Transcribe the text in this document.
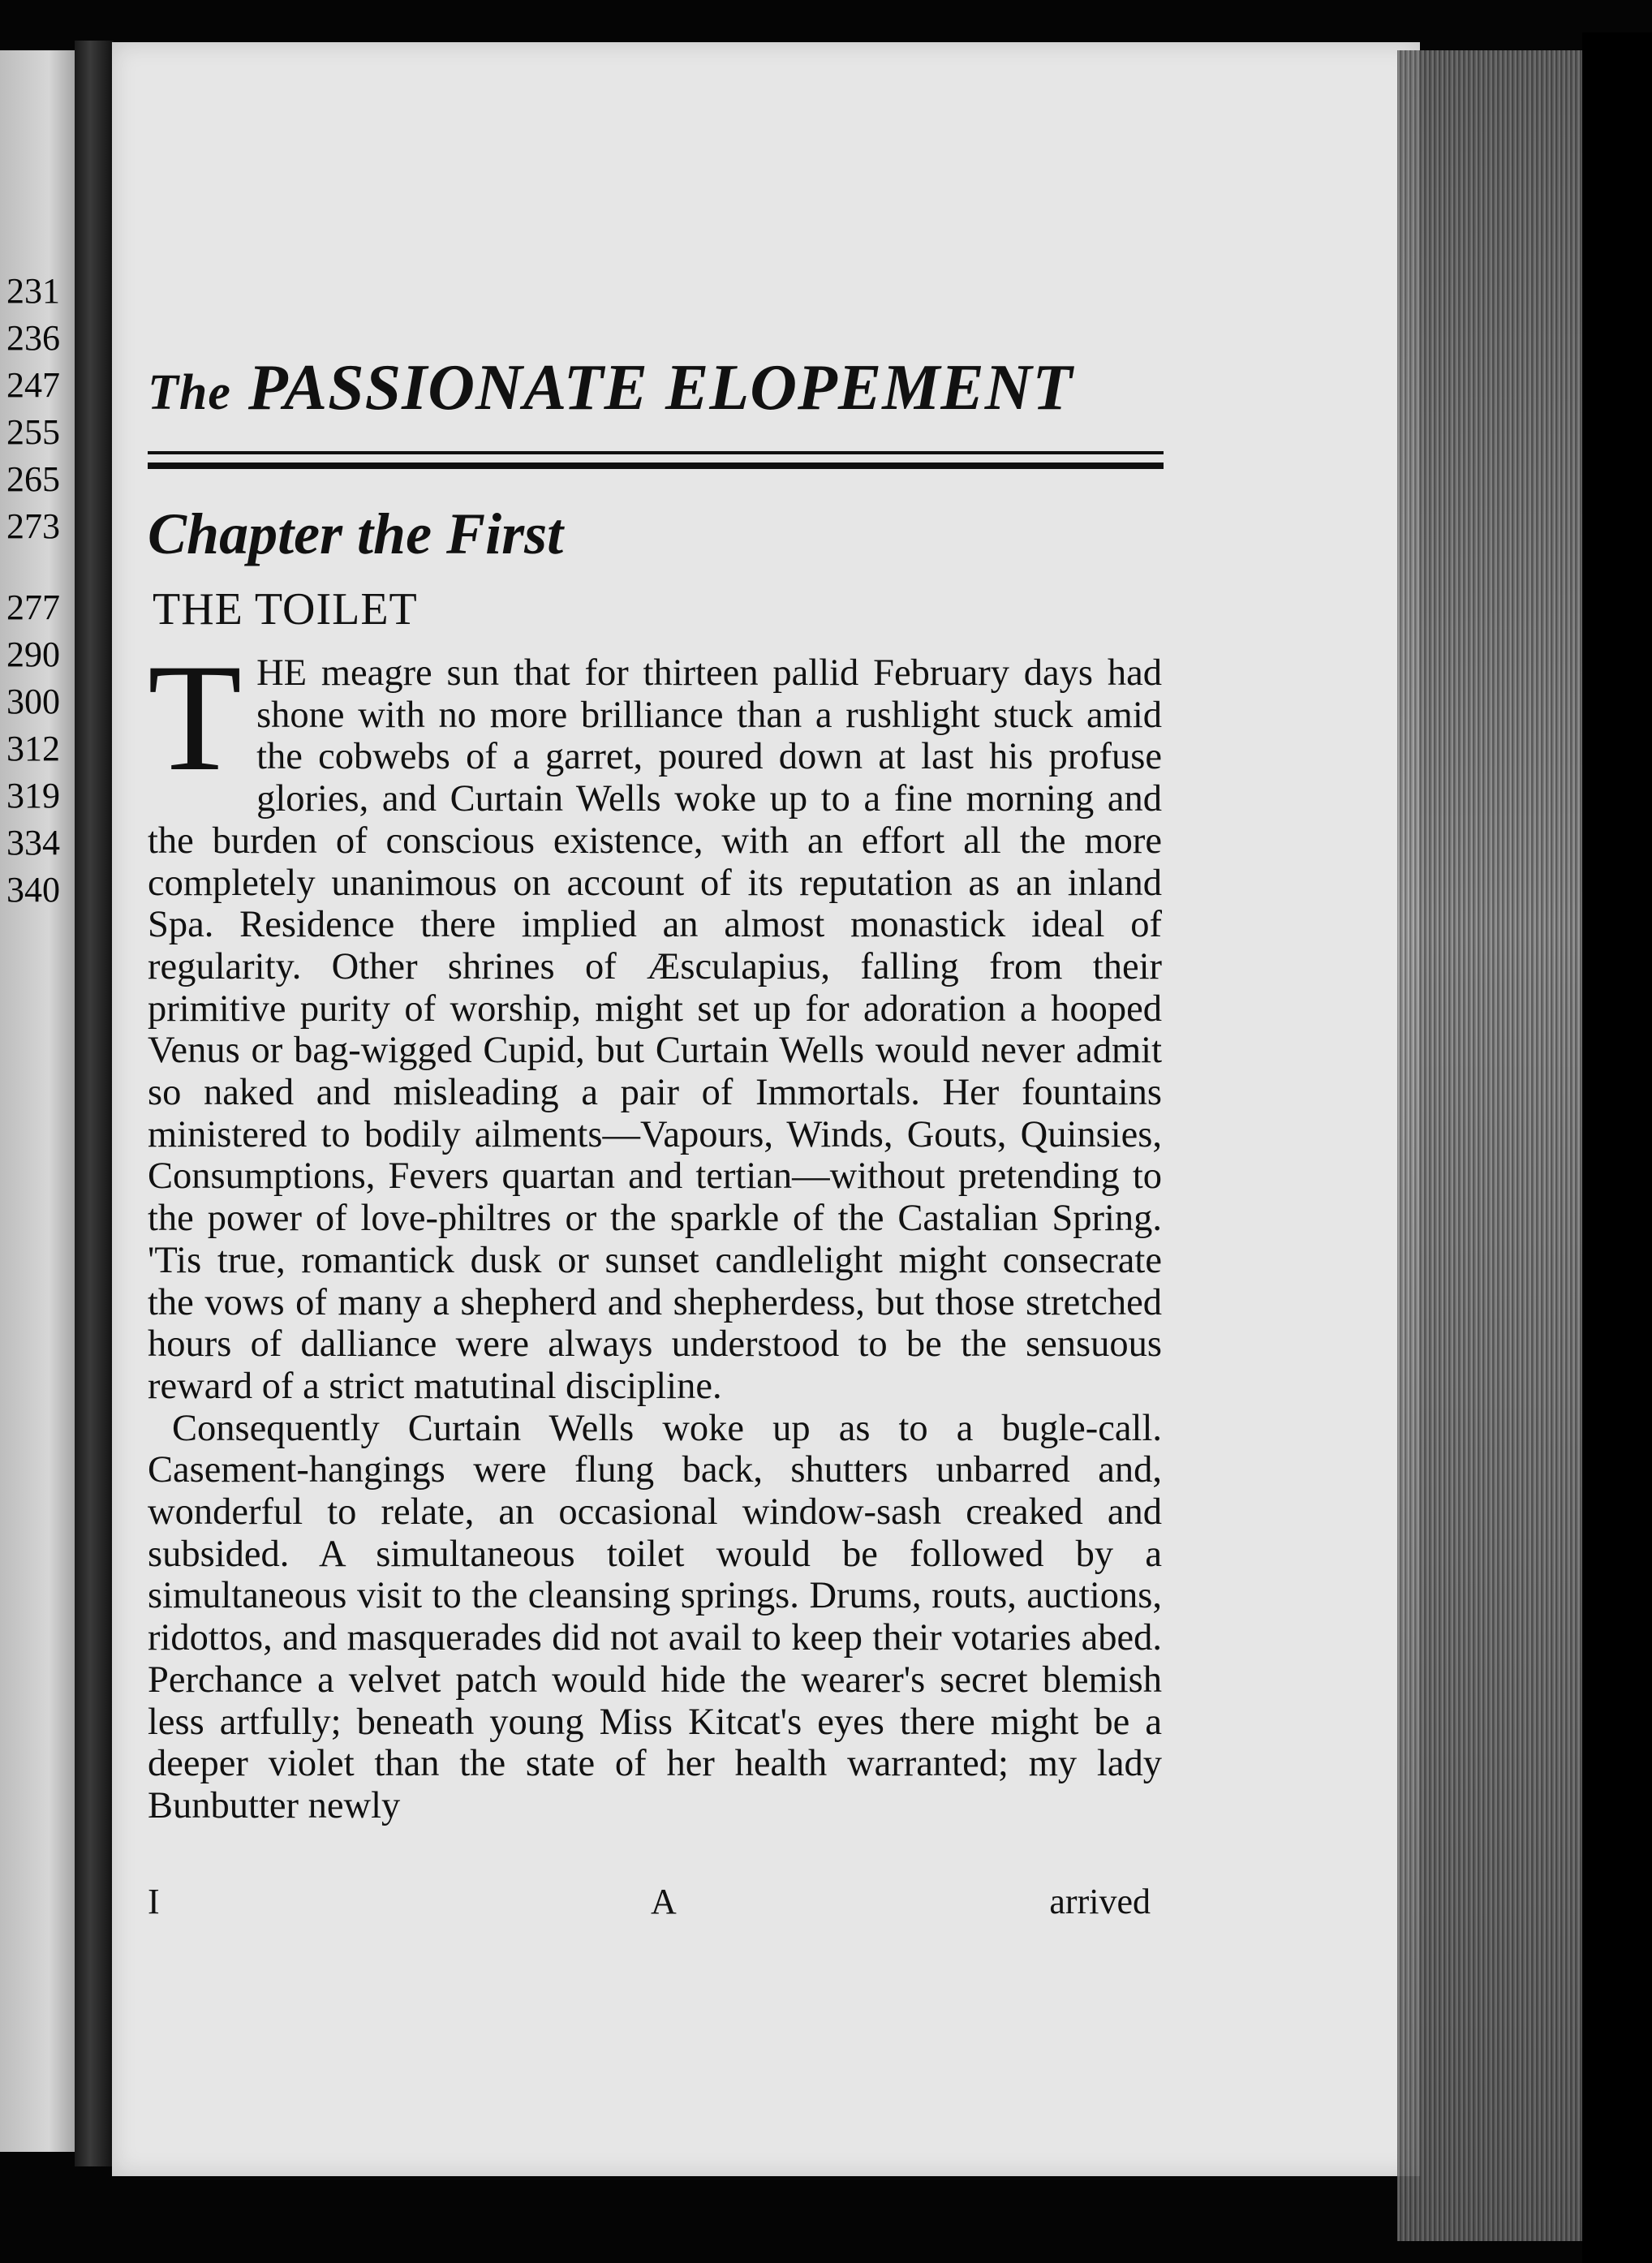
231
236
247
255
265
273
277
290
300
312
319
334
340
The PASSIONATE ELOPEMENT
Chapter the First
THE TOILET

THE meagre sun that for thirteen pallid February days had shone with no more brilliance than a rushlight stuck amid the cobwebs of a garret, poured down at last his profuse glories, and Curtain Wells woke up to a fine morning and the burden of conscious existence, with an effort all the more completely unanimous on account of its reputation as an inland Spa. Residence there implied an almost monastick ideal of regularity. Other shrines of Æsculapius, falling from their primitive purity of worship, might set up for adoration a hooped Venus or bag-wigged Cupid, but Curtain Wells would never admit so naked and misleading a pair of Immortals. Her fountains ministered to bodily ailments—Vapours, Winds, Gouts, Quinsies, Consumptions, Fevers quartan and tertian—without pretending to the power of love-philtres or the sparkle of the Castalian Spring. 'Tis true, romantick dusk or sunset candlelight might consecrate the vows of many a shepherd and shepherdess, but those stretched hours of dalliance were always understood to be the sensuous reward of a strict matutinal discipline.

Consequently Curtain Wells woke up as to a bugle-call. Casement-hangings were flung back, shutters unbarred and, wonderful to relate, an occasional window-sash creaked and subsided. A simultaneous toilet would be followed by a simultaneous visit to the cleansing springs. Drums, routs, auctions, ridottos, and masquerades did not avail to keep their votaries abed. Perchance a velvet patch would hide the wearer's secret blemish less artfully; beneath young Miss Kitcat's eyes there might be a deeper violet than the state of her health warranted; my lady Bunbutter newly

I	A	arrived
